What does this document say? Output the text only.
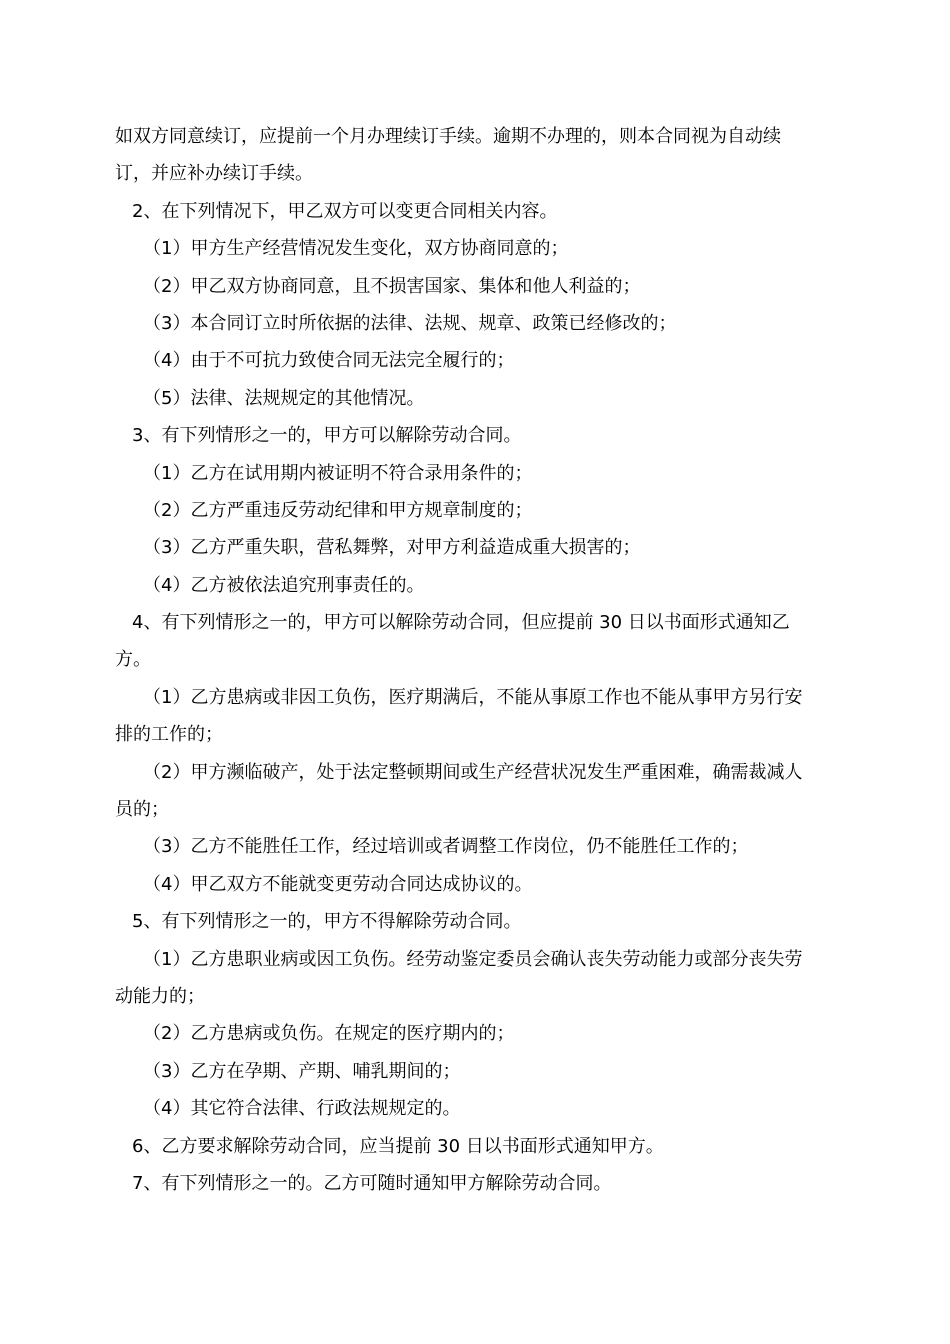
如双方同意续订，应提前一个月办理续订手续。逾期不办理的，则本合同视为自动续
订，并应补办续订手续。
2、在下列情况下，甲乙双方可以变更合同相关内容。
（1）甲方生产经营情况发生变化，双方协商同意的；
（2）甲乙双方协商同意，且不损害国家、集体和他人利益的；
（3）本合同订立时所依据的法律、法规、规章、政策已经修改的；
（4）由于不可抗力致使合同无法完全履行的；
（5）法律、法规规定的其他情况。
3、有下列情形之一的，甲方可以解除劳动合同。
（1）乙方在试用期内被证明不符合录用条件的；
（2）乙方严重违反劳动纪律和甲方规章制度的；
（3）乙方严重失职，营私舞弊，对甲方利益造成重大损害的；
（4）乙方被依法追究刑事责任的。
4、有下列情形之一的，甲方可以解除劳动合同，但应提前 30 日以书面形式通知乙
方。
（1）乙方患病或非因工负伤，医疗期满后，不能从事原工作也不能从事甲方另行安
排的工作的；
（2）甲方濒临破产，处于法定整顿期间或生产经营状况发生严重困难，确需裁减人
员的；
（3）乙方不能胜任工作，经过培训或者调整工作岗位，仍不能胜任工作的；
（4）甲乙双方不能就变更劳动合同达成协议的。
5、有下列情形之一的，甲方不得解除劳动合同。
（1）乙方患职业病或因工负伤。经劳动鉴定委员会确认丧失劳动能力或部分丧失劳
动能力的；
（2）乙方患病或负伤。在规定的医疗期内的；
（3）乙方在孕期、产期、哺乳期间的；
（4）其它符合法律、行政法规规定的。
6、乙方要求解除劳动合同，应当提前 30 日以书面形式通知甲方。
7、有下列情形之一的。乙方可随时通知甲方解除劳动合同。
